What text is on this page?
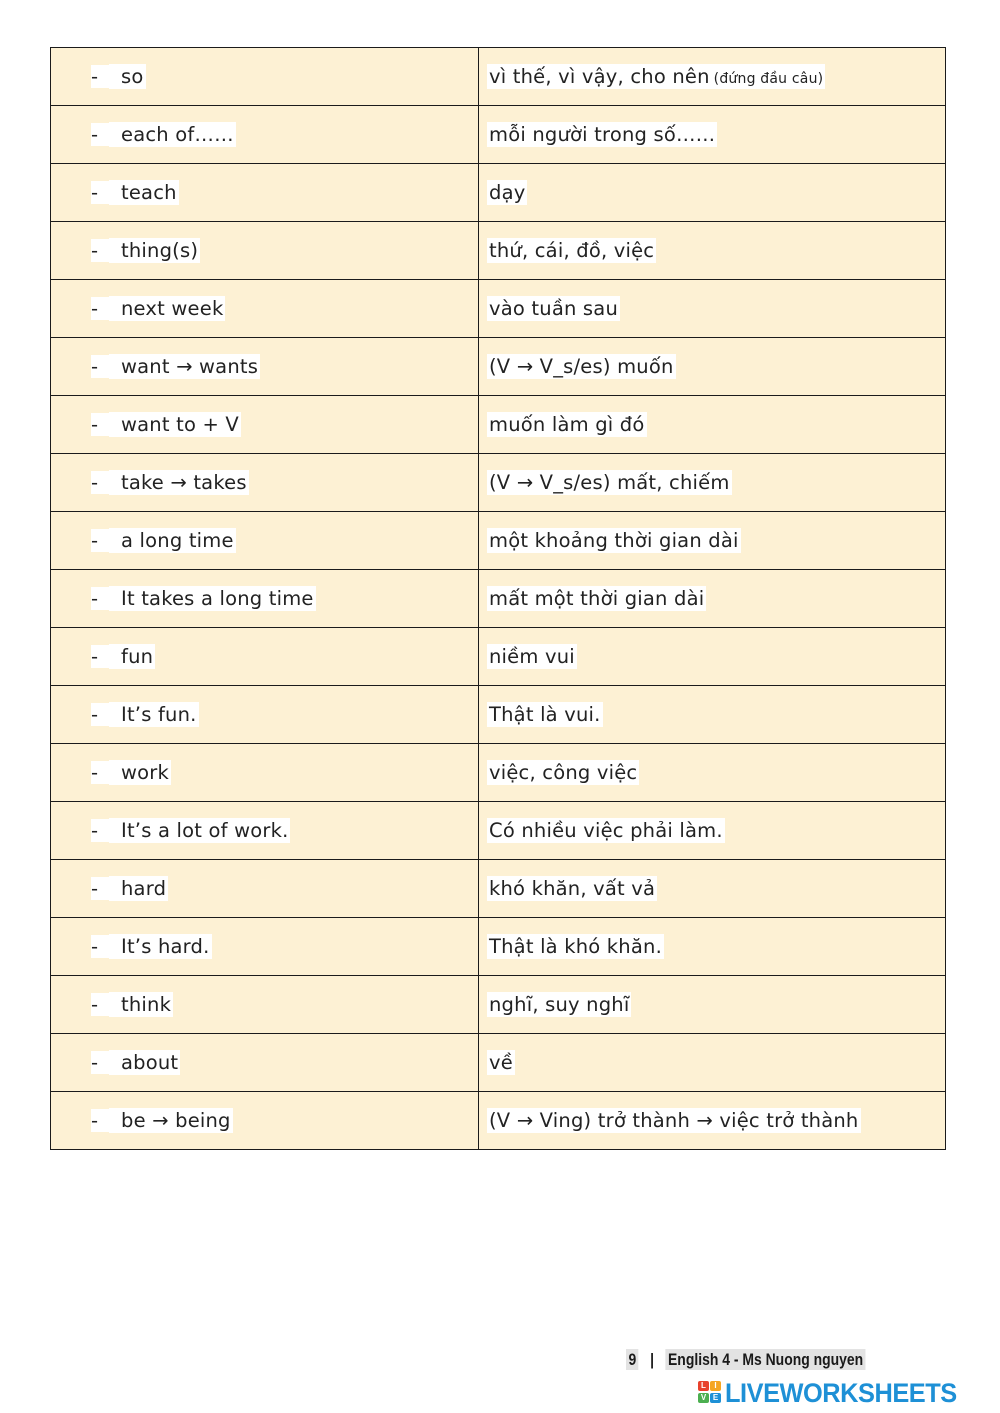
- so	vì thế, vì vậy, cho nên (đứng đầu câu)

- each of……	mỗi người trong số……

- teach	dạy

- thing(s)	thứ, cái, đồ, việc

- next week	vào tuần sau

- want → wants	(V → V_s/es) muốn

- want to + V	muốn làm gì đó

- take → takes	(V → V_s/es) mất, chiếm

- a long time	một khoảng thời gian dài

- It takes a long time	mất một thời gian dài

- fun	niềm vui

- It’s fun.	Thật là vui.

- work	việc, công việc

- It’s a lot of work.	Có nhiều việc phải làm.

- hard	khó khăn, vất vả

- It’s hard.	Thật là khó khăn.

- think	nghĩ, suy nghĩ

- about	về

- be → being	(V → Ving) trở thành → việc trở thành
9 | English 4 - Ms Nuong nguyen
L	I
V E LIVEWORKSHEETS
